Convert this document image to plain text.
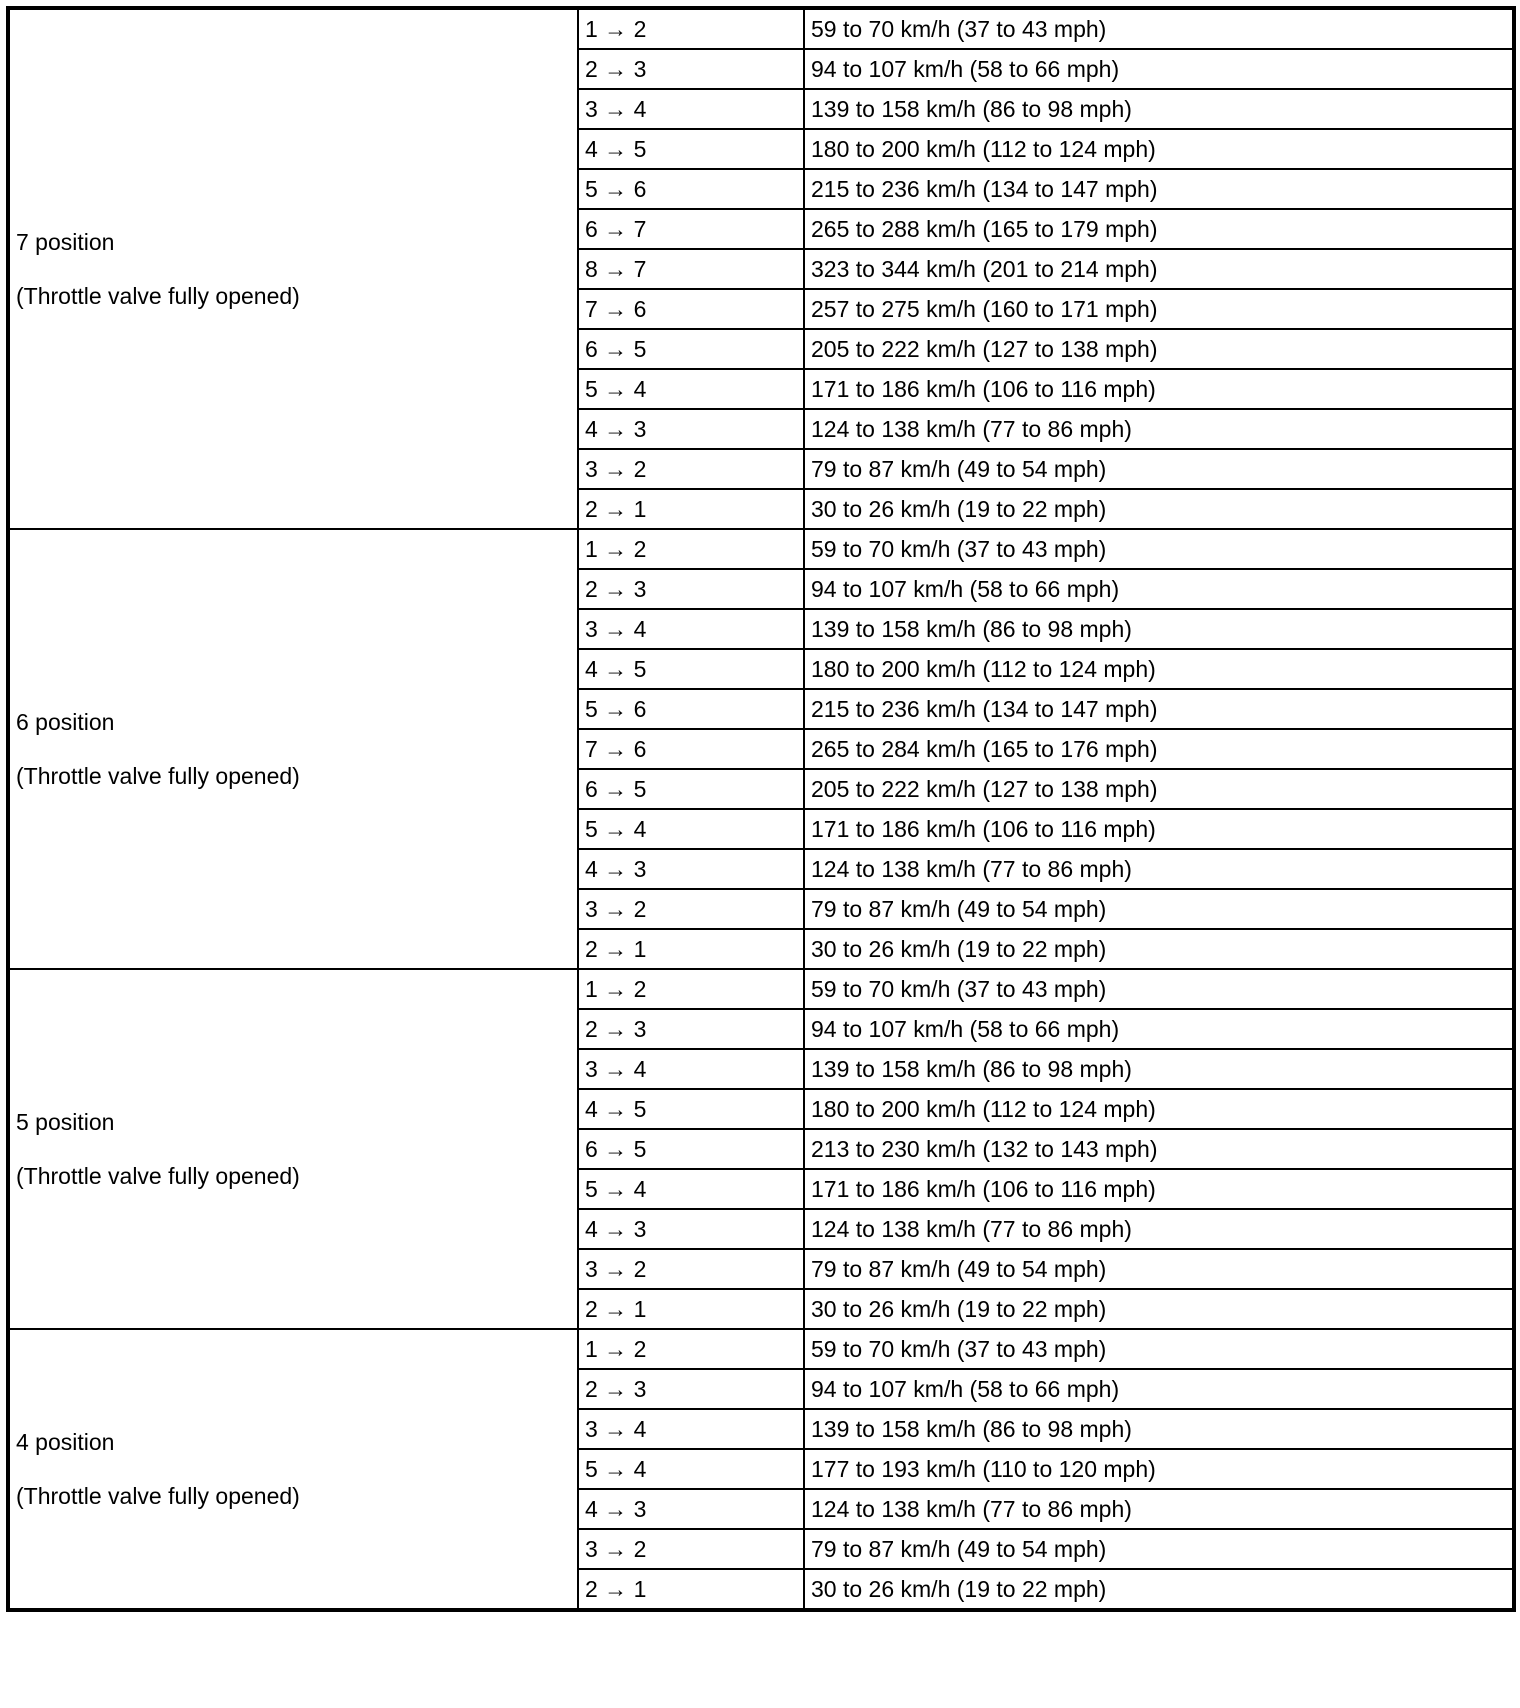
7 position
(Throttle valve fully opened)	1 → 2	59 to 70 km/h (37 to 43 mph)
	2 → 3	94 to 107 km/h (58 to 66 mph)
	3 → 4	139 to 158 km/h (86 to 98 mph)
	4 → 5	180 to 200 km/h (112 to 124 mph)
	5 → 6	215 to 236 km/h (134 to 147 mph)
	6 → 7	265 to 288 km/h (165 to 179 mph)
	8 → 7	323 to 344 km/h (201 to 214 mph)
	7 → 6	257 to 275 km/h (160 to 171 mph)
	6 → 5	205 to 222 km/h (127 to 138 mph)
	5 → 4	171 to 186 km/h (106 to 116 mph)
	4 → 3	124 to 138 km/h (77 to 86 mph)
	3 → 2	79 to 87 km/h (49 to 54 mph)
	2 → 1	30 to 26 km/h (19 to 22 mph)

6 position
(Throttle valve fully opened)	1 → 2	59 to 70 km/h (37 to 43 mph)
	2 → 3	94 to 107 km/h (58 to 66 mph)
	3 → 4	139 to 158 km/h (86 to 98 mph)
	4 → 5	180 to 200 km/h (112 to 124 mph)
	5 → 6	215 to 236 km/h (134 to 147 mph)
	7 → 6	265 to 284 km/h (165 to 176 mph)
	6 → 5	205 to 222 km/h (127 to 138 mph)
	5 → 4	171 to 186 km/h (106 to 116 mph)
	4 → 3	124 to 138 km/h (77 to 86 mph)
	3 → 2	79 to 87 km/h (49 to 54 mph)
	2 → 1	30 to 26 km/h (19 to 22 mph)

5 position
(Throttle valve fully opened)	1 → 2	59 to 70 km/h (37 to 43 mph)
	2 → 3	94 to 107 km/h (58 to 66 mph)
	3 → 4	139 to 158 km/h (86 to 98 mph)
	4 → 5	180 to 200 km/h (112 to 124 mph)
	6 → 5	213 to 230 km/h (132 to 143 mph)
	5 → 4	171 to 186 km/h (106 to 116 mph)
	4 → 3	124 to 138 km/h (77 to 86 mph)
	3 → 2	79 to 87 km/h (49 to 54 mph)
	2 → 1	30 to 26 km/h (19 to 22 mph)

4 position
(Throttle valve fully opened)	1 → 2	59 to 70 km/h (37 to 43 mph)
	2 → 3	94 to 107 km/h (58 to 66 mph)
	3 → 4	139 to 158 km/h (86 to 98 mph)
	5 → 4	177 to 193 km/h (110 to 120 mph)
	4 → 3	124 to 138 km/h (77 to 86 mph)
	3 → 2	79 to 87 km/h (49 to 54 mph)
	2 → 1	30 to 26 km/h (19 to 22 mph)
